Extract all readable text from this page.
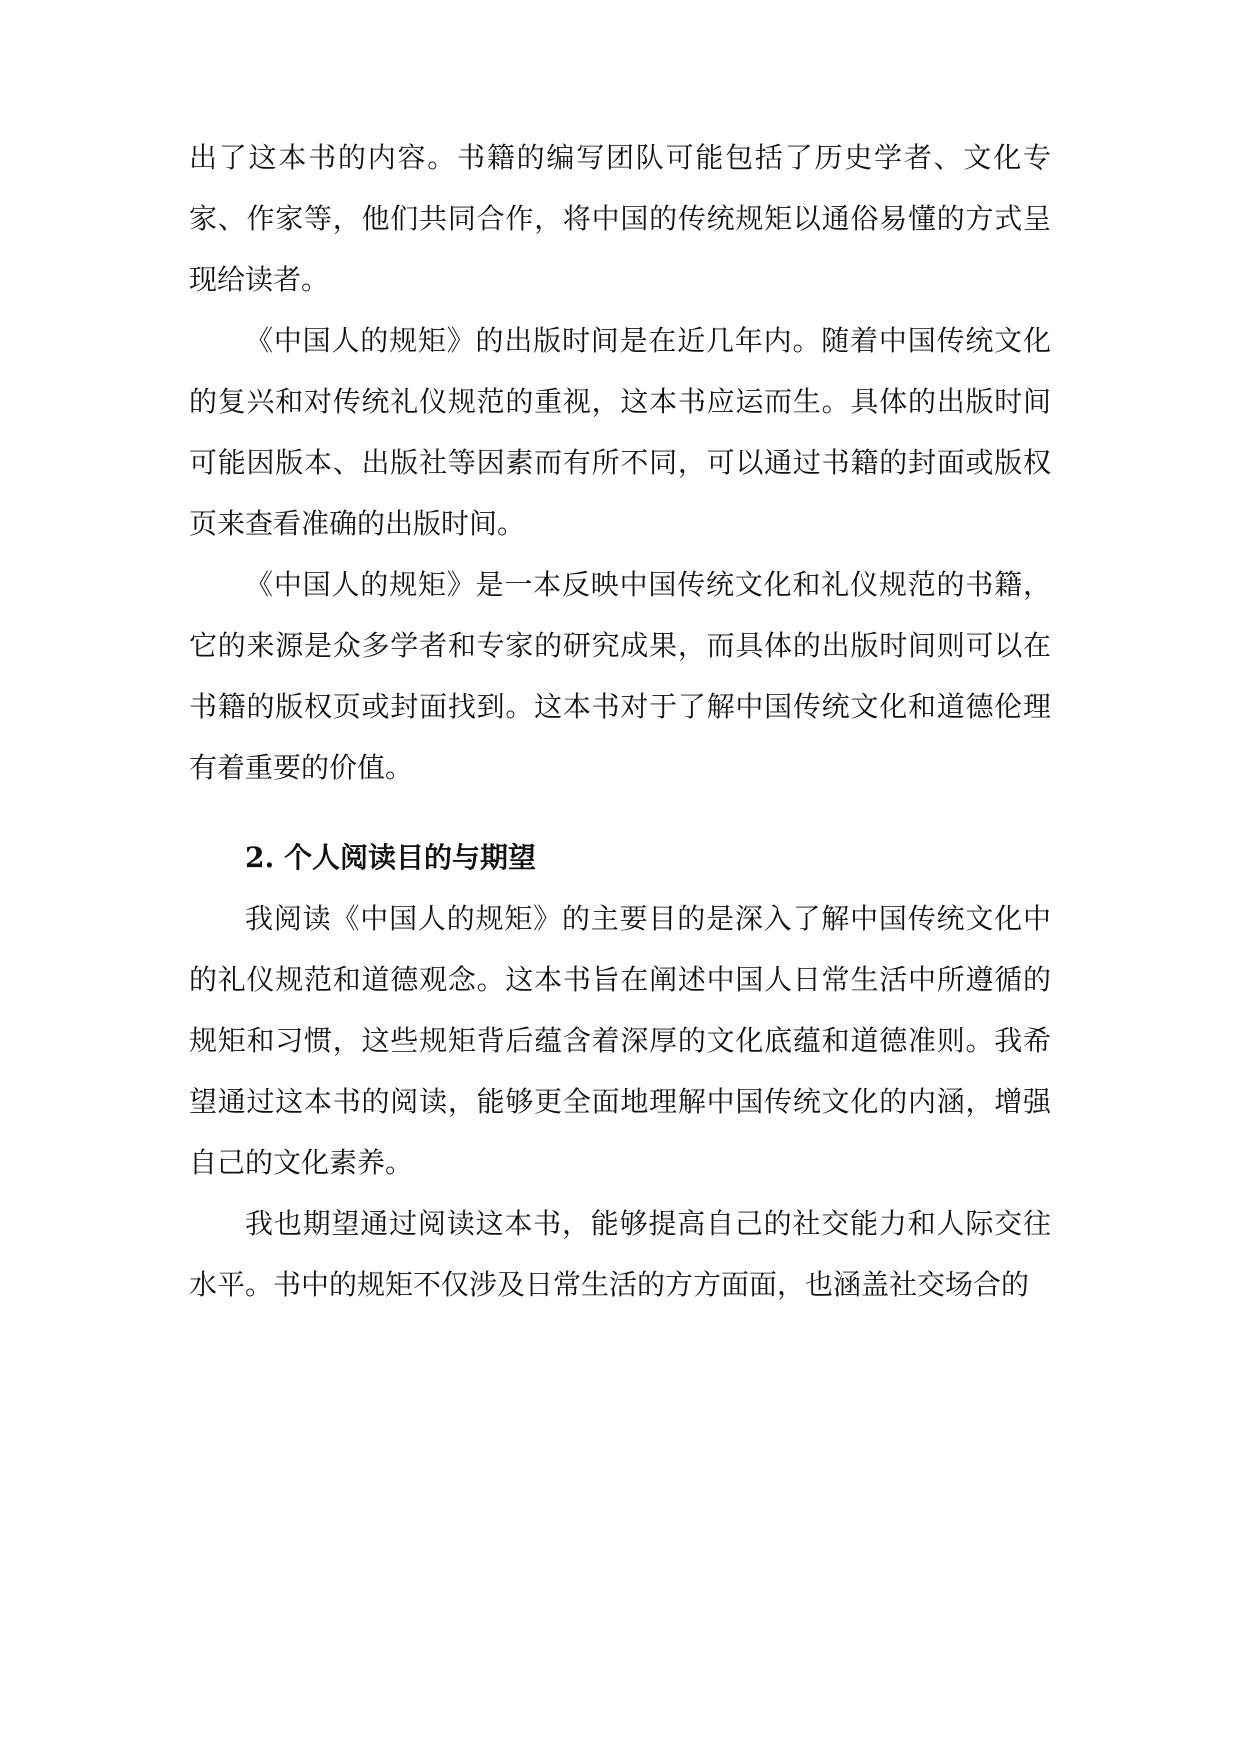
出了这本书的内容。书籍的编写团队可能包括了历史学者、文化专家、作家等，他们共同合作，将中国的传统规矩以通俗易懂的方式呈现给读者。

《中国人的规矩》的出版时间是在近几年内。随着中国传统文化的复兴和对传统礼仪规范的重视，这本书应运而生。具体的出版时间可能因版本、出版社等因素而有所不同，可以通过书籍的封面或版权页来查看准确的出版时间。

《中国人的规矩》是一本反映中国传统文化和礼仪规范的书籍，它的来源是众多学者和专家的研究成果，而具体的出版时间则可以在书籍的版权页或封面找到。这本书对于了解中国传统文化和道德伦理有着重要的价值。

2. 个人阅读目的与期望

我阅读《中国人的规矩》的主要目的是深入了解中国传统文化中的礼仪规范和道德观念。这本书旨在阐述中国人日常生活中所遵循的规矩和习惯，这些规矩背后蕴含着深厚的文化底蕴和道德准则。我希望通过这本书的阅读，能够更全面地理解中国传统文化的内涵，增强自己的文化素养。

我也期望通过阅读这本书，能够提高自己的社交能力和人际交往水平。书中的规矩不仅涉及日常生活的方方面面，也涵盖社交场合的
